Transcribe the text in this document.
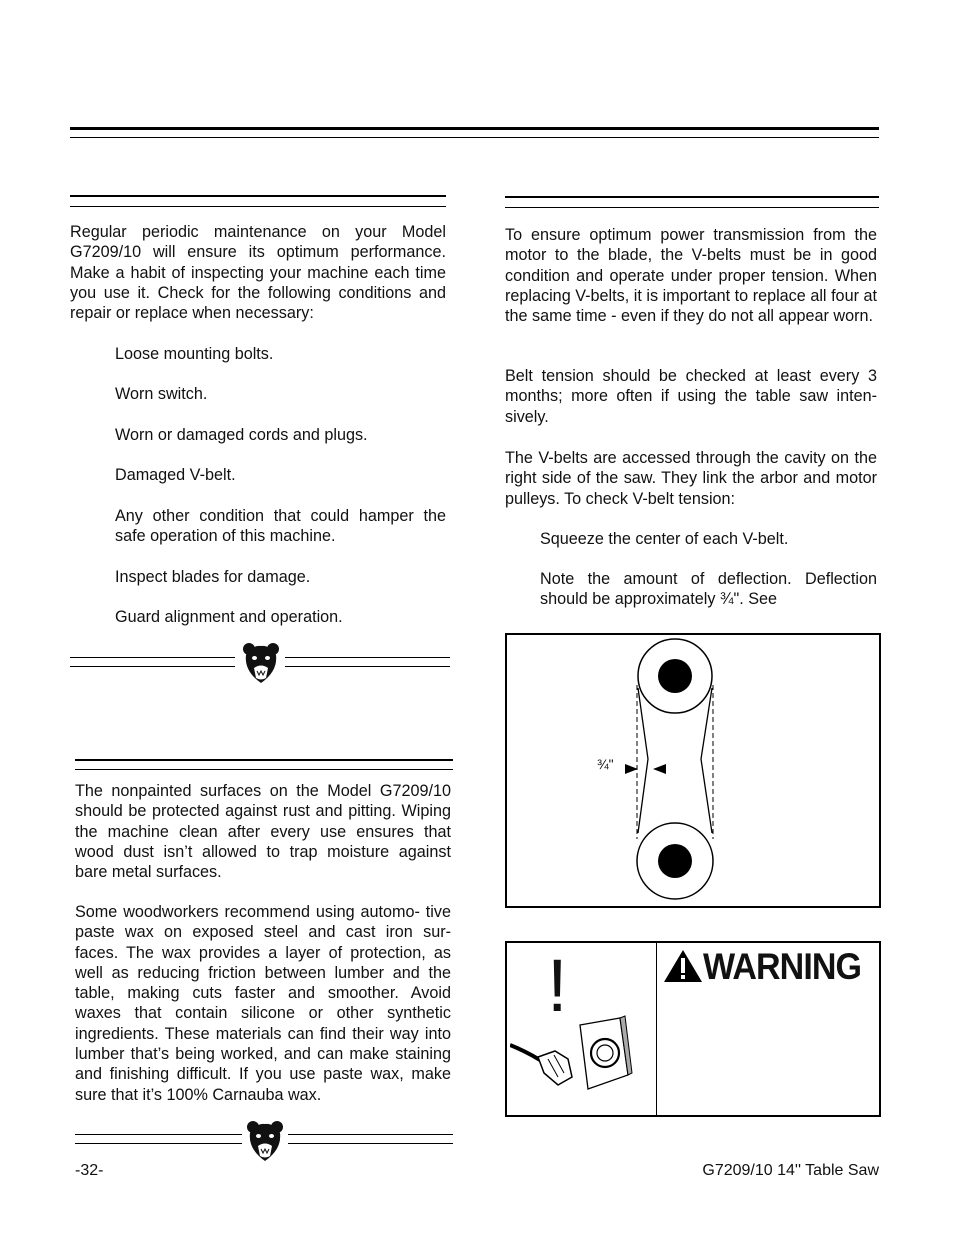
Regular periodic maintenance on your Model G7209/10 will ensure its optimum performance. Make a habit of inspecting your machine each time you use it. Check for the following conditions and repair or replace when necessary:
Loose mounting bolts.
Worn switch.
Worn or damaged cords and plugs.
Damaged V-belt.
Any other condition that could hamper the safe operation of this machine.
Inspect blades for damage.
Guard alignment and operation.
The nonpainted surfaces on the Model G7209/10 should be protected against rust and pitting. Wiping the machine clean after every use ensures that wood dust isn’t allowed to trap moisture against bare metal surfaces.
Some woodworkers recommend using automo- tive paste wax on exposed steel and cast iron sur- faces. The wax provides a layer of protection, as well as reducing friction between lumber and the table, making cuts faster and smoother. Avoid waxes that contain silicone or other synthetic ingredients. These materials can find their way into lumber that’s being worked, and can make staining and finishing difficult. If you use paste wax, make sure that it’s 100% Carnauba wax.
To ensure optimum power transmission from the motor to the blade, the V-belts must be in good condition and operate under proper tension. When replacing V-belts, it is important to replace all four at the same time - even if they do not all appear worn.
Belt tension should be checked at least every 3 months; more often if using the table saw inten- sively.
The V-belts are accessed through the cavity on the right side of the saw. They link the arbor and motor pulleys. To check V-belt tension:
Squeeze the center of each V-belt.
Note the amount of deflection. Deflection should be approximately ¾". See
¾"
!	WARNING
-32-	G7209/10 14'' Table Saw
